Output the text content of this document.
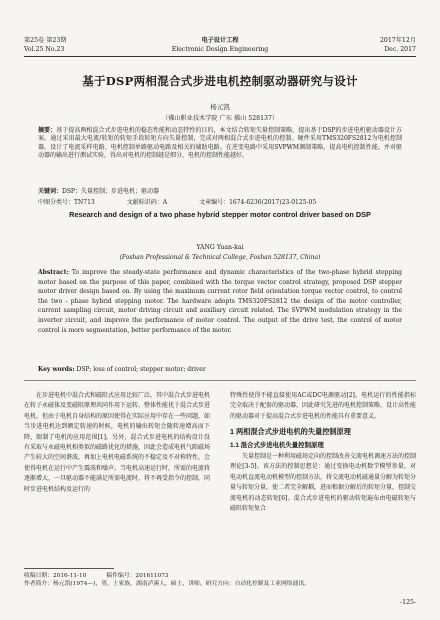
第25卷 第23期
Vol.25 No.23
电子设计工程
Electronic Design Engineering
2017年12月
Dec. 2017
基于DSP两相混合式步进电机控制驱动器研究与设计
杨元凯
（佛山职业技术学院 广东 佛山 528137）
摘要：基于提高两相混合式步进电机的稳态性能和动态特性的目的，本文结合转矩矢量控制策略，提出基于DSP的步进电机驱动器设计方案。通过采用最大电流/转矩的转矩手段转矩方向矢量控制，完成对两相混合式步进电机的控制。硬件采用TMS320FS2812为电机控制器，设计了电流采样电路、电机控制单路驱动电路及相关的辅助电路。在逆变电路中采用SVPWM调制策略，提高电机控制性能。并对驱动器的输出进行测试实验，得出对电机的控制越是细分，电机的控制性能越好。
关键词：DSP；失量控制；步进电机；驱动器
中图分类号：TN713	文献标识码：A	文章编号：1674-6236(2017)23-0125-05
Research and design of a two phase hybrid stepper motor control driver based on DSP
YANG Yuan-kai
(Foshan Professional & Technical College, Foshan 528137, China)
Abstract: To improve the steady-state performance and dynamic characteristics of the two-phase hybrid stepping motor based on the purpose of this paper, combined with the torque vector control strategy, proposed DSP stepper motor driver design based on. By using the maximum current rotor field orientation torque vector control, to control the two - phase hybrid stepping motor. The hardware adopts TMS320FS2812 the design of the motor controller, current sampling circuit, motor driving circuit and auxiliary circuit related. The SVPWM modulation strategy in the inverter circuit, and improve the performance of motor control. The output of the drive test, the control of motor control is more segmentation, better performance of the motor.
Key words: DSP; loss of control; stepper motor; driver

在步进电机中混合式和磁阻式应用比较广泛，其中混合式步进电机在转子永磁体及变磁阻原理共同作用下运转，整体性能优于混合式步进电机，但由于电机自身结构的原因使得在实际应用中存在一些问题，如当步进电机达到额定转速的时候，电机的输出转矩会随转速增高而下降，限制了电机的应用范围[1]。另外，混合式步进电机的结构设计没有采取与永磁电机相类似的磁路优化的措施，因此会造成电机气隙磁场产生较大的空间谐波，再加上电机电磁系统的不稳定及不对称特性，会使得电机在运行中产生震荡和噪声。当电机高速运行时，所需的电流将逐渐增大，一旦驱动器不能满足所需电流时，将不再受指令的控制，同时步进电机结构及运行的

特殊性使得不能直接使用AC或DC电源驱动[2]。电机运行的性能指标完全取决于配套的驱动器，因此研究先进的电机控制策略，设计高性能的驱动器对于提高混合式步进电机的性能具有重要意义。

1 两相混合式步进电机的失量控制原理
1.1 混合式步进电机失量控制原理

矢量控制是一种利用磁场定向的控制改善交流电机调速方法的控制理论[3-5]。该方法的控制思想是：通过变换电动机数学模型参量，对电动机直流电动机模型的控制方法，将交流电动机磁通量分解为转矩分量与转矩分量，使二者完全解耦，进而根据分解后的转矩分量，控制交流电机的动态转矩[6]。混合式步进电机的驱动转矩遍布由电磁转矩与磁阻转矩复合

收稿日期：2016-11-10	稿件编号：201611073
作者简介：杨元凯(1974—)，男，土家族，湖南泸溪人，硕士，讲师。研究方向：自动化控制及工业网络通讯。
-125-
